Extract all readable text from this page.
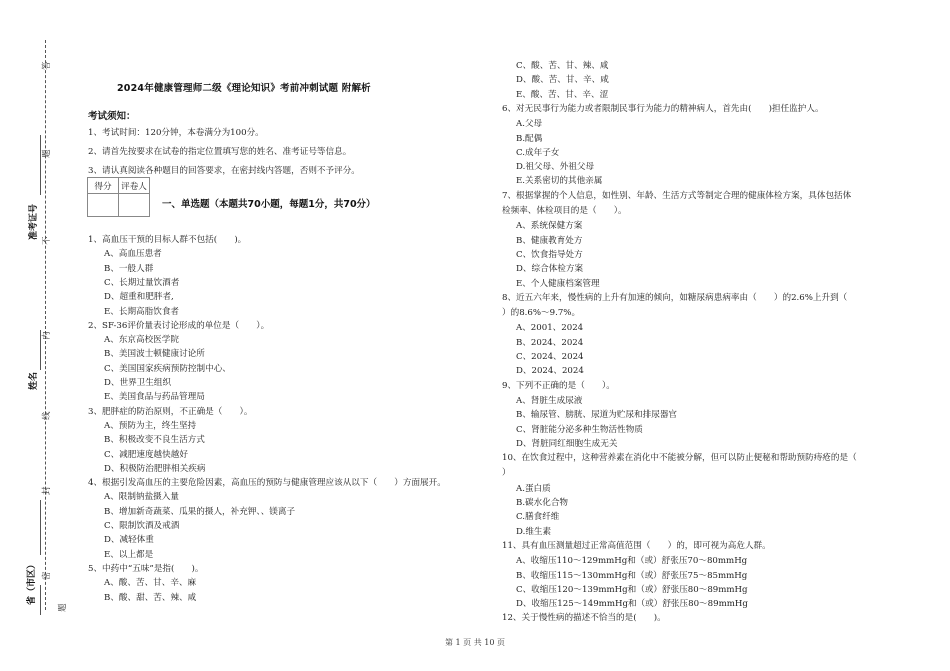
答
题
准考证号
不
内
姓名
线
封
省（市区） 密
题
2024年健康管理师二级《理论知识》考前冲刺试题 附解析
考试须知：
1、考试时间：120分钟，本卷满分为100分。
2、请首先按要求在试卷的指定位置填写您的姓名、准考证号等信息。
3、请认真阅读各种题目的回答要求，在密封线内答题，否则不予评分。
得分	评卷人

一、单选题（本题共70小题，每题1分，共70分）
第 1 页 共 10 页
1、高血压干预的目标人群不包括(　　)。
A、高血压患者
B、一般人群
C、长期过量饮酒者
D、超重和肥胖者,
E、长期高脂饮食者
2、SF-36评价量表讨论形成的单位是（　　）。
A、东京高校医学院
B、美国波士顿健康讨论所
C、美国国家疾病预防控制中心、
D、世界卫生组织
E、美国食品与药品管理局
3、肥胖症的防治原则，不正确是（　　）。
A、预防为主，终生坚持
B、积极改变不良生活方式
C、减肥速度越快越好
D、积极防治肥胖相关疾病
4、根据引发高血压的主要危险因素，高血压的预防与健康管理应该从以下（　　）方面展开。
A、限制钠盐摄入量
B、增加新奇蔬菜、瓜果的摄人，补充钾、、镁离子
C、限制饮酒及戒酒
D、减轻体重
E、以上都是
5、中药中“五味”是指(　　)。
A、酸、苦、甘、辛、麻
B、酸、甜、苦、辣、咸
C、酸、苦、甘、辣、咸
D、酸、苦、甘、辛、咸
E、酸、苦、甘、辛、涩
6、对无民事行为能力或者限制民事行为能力的精神病人，首先由(　　)担任监护人。
A.父母
B.配偶
C.成年子女
D.祖父母、外祖父母
E.关系密切的其他亲属
7、根据掌握的个人信息，如性别、年龄、生活方式等制定合理的健康体检方案，具体包括体
检频率、体检项目的是（　　）。
A、系统保健方案
B、健康教育处方
C、饮食指导处方
D、综合体检方案
E、个人健康档案管理
8、近五六年来，慢性病的上升有加速的倾向，如糖尿病患病率由（　　）的2.6%上升到（
）的8.6%～9.7%。
A、2001、2024
B、2024、2024
C、2024、2024
D、2024、2024
9、下列不正确的是（　　）。
A、肾脏生成尿液
B、输尿管、膀胱、尿道为贮尿和排尿器官
C、肾脏能分泌多种生物活性物质
D、肾脏同红细胞生成无关
10、在饮食过程中，这种营养素在消化中不能被分解，但可以防止便秘和帮助预防痔疮的是（
）
A.蛋白质
B.碳水化合物
C.膳食纤维
D.维生素
11、具有血压测量超过正常高值范围（　　）的，即可视为高危人群。
A、收缩压110～129mmHg和（或）舒张压70～80mmHg
B、收缩压115～130mmHg和（或）舒张压75～85mmHg
C、收缩压120～139mmHg和（或）舒张压80～89mmHg
D、收缩压125～149mmHg和（或）舒张压80～89mmHg
12、关于慢性病的描述不恰当的是(　　)。
